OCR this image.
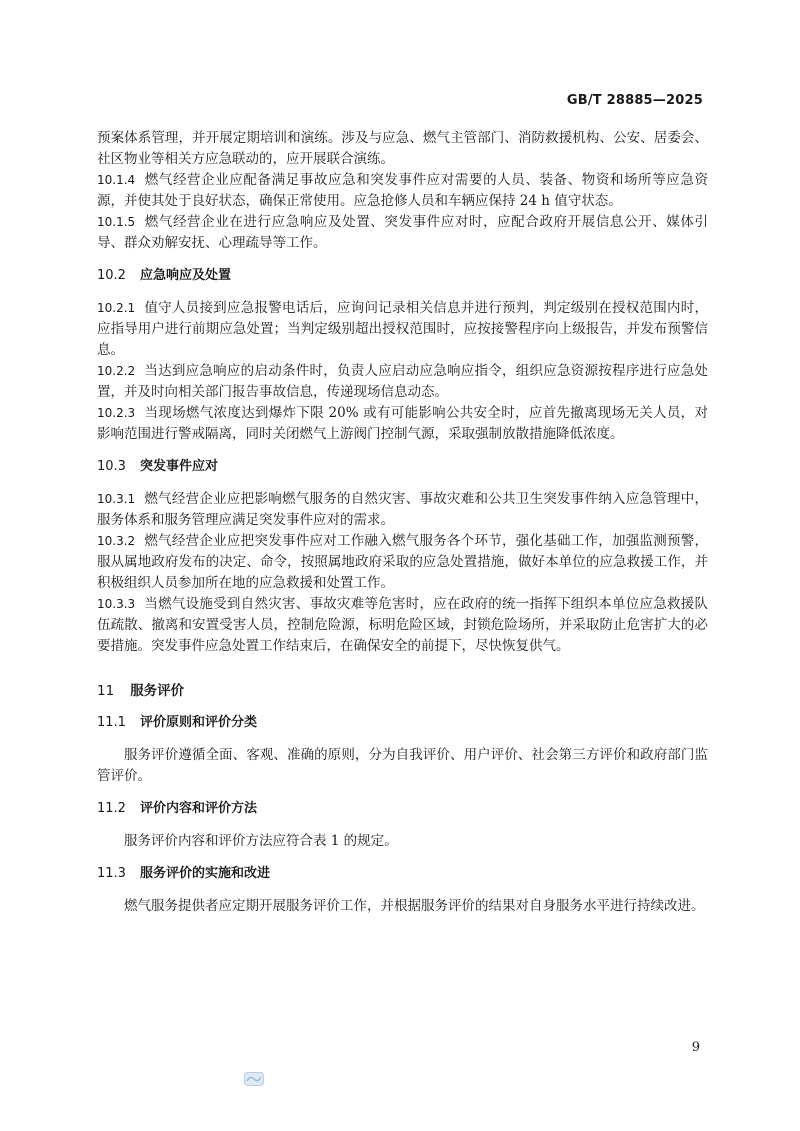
GB/T 28885—2025

预案体系管理，并开展定期培训和演练。涉及与应急、燃气主管部门、消防救援机构、公安、居委会、社区物业等相关方应急联动的，应开展联合演练。

10.1.4 燃气经营企业应配备满足事故应急和突发事件应对需要的人员、装备、物资和场所等应急资源，并使其处于良好状态，确保正常使用。应急抢修人员和车辆应保持 24 h 值守状态。

10.1.5 燃气经营企业在进行应急响应及处置、突发事件应对时，应配合政府开展信息公开、媒体引导、群众劝解安抚、心理疏导等工作。

10.2 应急响应及处置

10.2.1 值守人员接到应急报警电话后，应询问记录相关信息并进行预判，判定级别在授权范围内时，应指导用户进行前期应急处置；当判定级别超出授权范围时，应按接警程序向上级报告，并发布预警信息。

10.2.2 当达到应急响应的启动条件时，负责人应启动应急响应指令，组织应急资源按程序进行应急处置，并及时向相关部门报告事故信息，传递现场信息动态。

10.2.3 当现场燃气浓度达到爆炸下限 20% 或有可能影响公共安全时，应首先撤离现场无关人员，对影响范围进行警戒隔离，同时关闭燃气上游阀门控制气源，采取强制放散措施降低浓度。

10.3 突发事件应对

10.3.1 燃气经营企业应把影响燃气服务的自然灾害、事故灾难和公共卫生突发事件纳入应急管理中，服务体系和服务管理应满足突发事件应对的需求。

10.3.2 燃气经营企业应把突发事件应对工作融入燃气服务各个环节，强化基础工作，加强监测预警，服从属地政府发布的决定、命令，按照属地政府采取的应急处置措施，做好本单位的应急救援工作，并积极组织人员参加所在地的应急救援和处置工作。

10.3.3 当燃气设施受到自然灾害、事故灾难等危害时，应在政府的统一指挥下组织本单位应急救援队伍疏散、撤离和安置受害人员，控制危险源，标明危险区域，封锁危险场所，并采取防止危害扩大的必要措施。突发事件应急处置工作结束后，在确保安全的前提下，尽快恢复供气。

11 服务评价
11.1 评价原则和评价分类

服务评价遵循全面、客观、准确的原则，分为自我评价、用户评价、社会第三方评价和政府部门监管评价。

11.2 评价内容和评价方法

服务评价内容和评价方法应符合表 1 的规定。

11.3 服务评价的实施和改进

燃气服务提供者应定期开展服务评价工作，并根据服务评价的结果对自身服务水平进行持续改进。

9
